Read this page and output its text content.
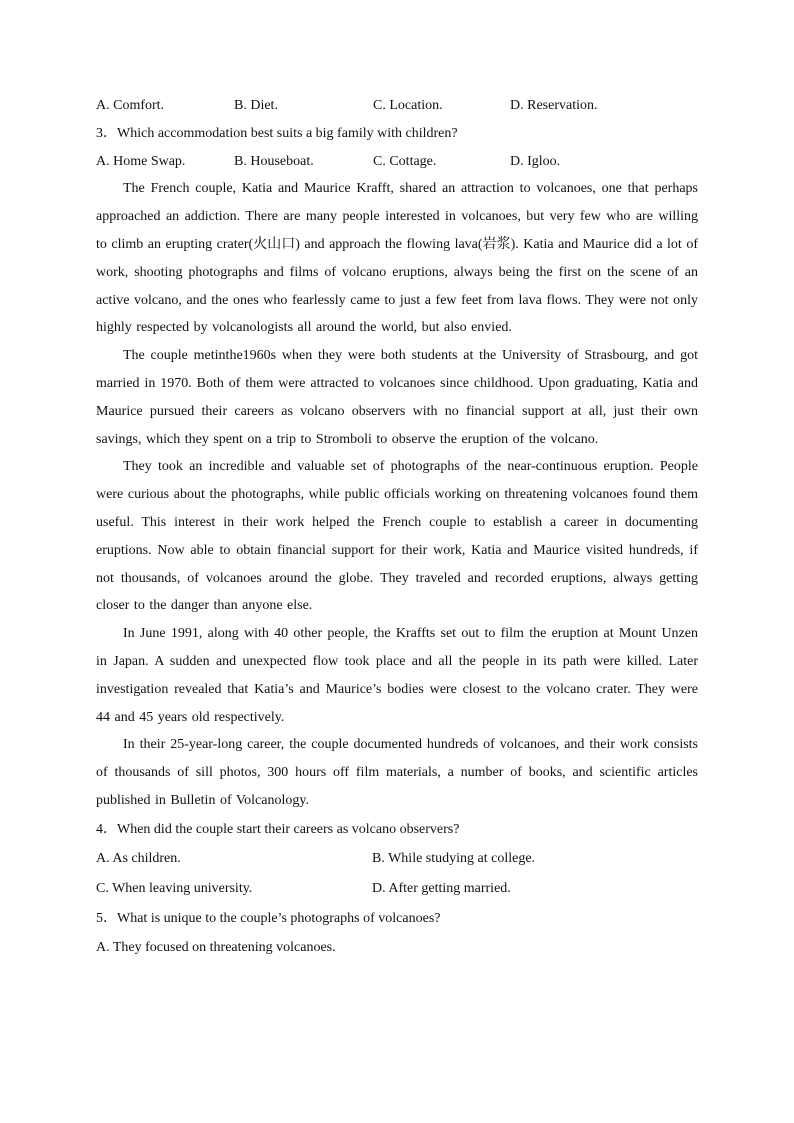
A. Comfort.	B. Diet.	C. Location.	D. Reservation.
3．Which accommodation best suits a big family with children?
A. Home Swap.	B. Houseboat.	C. Cottage.	D. Igloo.

The French couple, Katia and Maurice Krafft, shared an attraction to volcanoes, one that perhaps approached an addiction. There are many people interested in volcanoes, but very few who are willing to climb an erupting crater(火山口) and approach the flowing lava(岩浆). Katia and Maurice did a lot of work, shooting photographs and films of volcano eruptions, always being the first on the scene of an active volcano, and the ones who fearlessly came to just a few feet from lava flows. They were not only highly respected by volcanologists all around the world, but also envied.

The couple metinthe1960s when they were both students at the University of Strasbourg, and got married in 1970. Both of them were attracted to volcanoes since childhood. Upon graduating, Katia and Maurice pursued their careers as volcano observers with no financial support at all, just their own savings, which they spent on a trip to Stromboli to observe the eruption of the volcano.

They took an incredible and valuable set of photographs of the near-continuous eruption. People were curious about the photographs, while public officials working on threatening volcanoes found them useful. This interest in their work helped the French couple to establish a career in documenting eruptions. Now able to obtain financial support for their work, Katia and Maurice visited hundreds, if not thousands, of volcanoes around the globe. They traveled and recorded eruptions, always getting closer to the danger than anyone else.

In June 1991, along with 40 other people, the Kraffts set out to film the eruption at Mount Unzen in Japan. A sudden and unexpected flow took place and all the people in its path were killed. Later investigation revealed that Katia’s and Maurice’s bodies were closest to the volcano crater. They were 44 and 45 years old respectively.

In their 25-year-long career, the couple documented hundreds of volcanoes, and their work consists of thousands of sill photos, 300 hours off film materials, a number of books, and scientific articles published in Bulletin of Volcanology.

4．When did the couple start their careers as volcano observers?
A. As children.	B. While studying at college.
C. When leaving university.	D. After getting married.
5．What is unique to the couple’s photographs of volcanoes?
A. They focused on threatening volcanoes.
